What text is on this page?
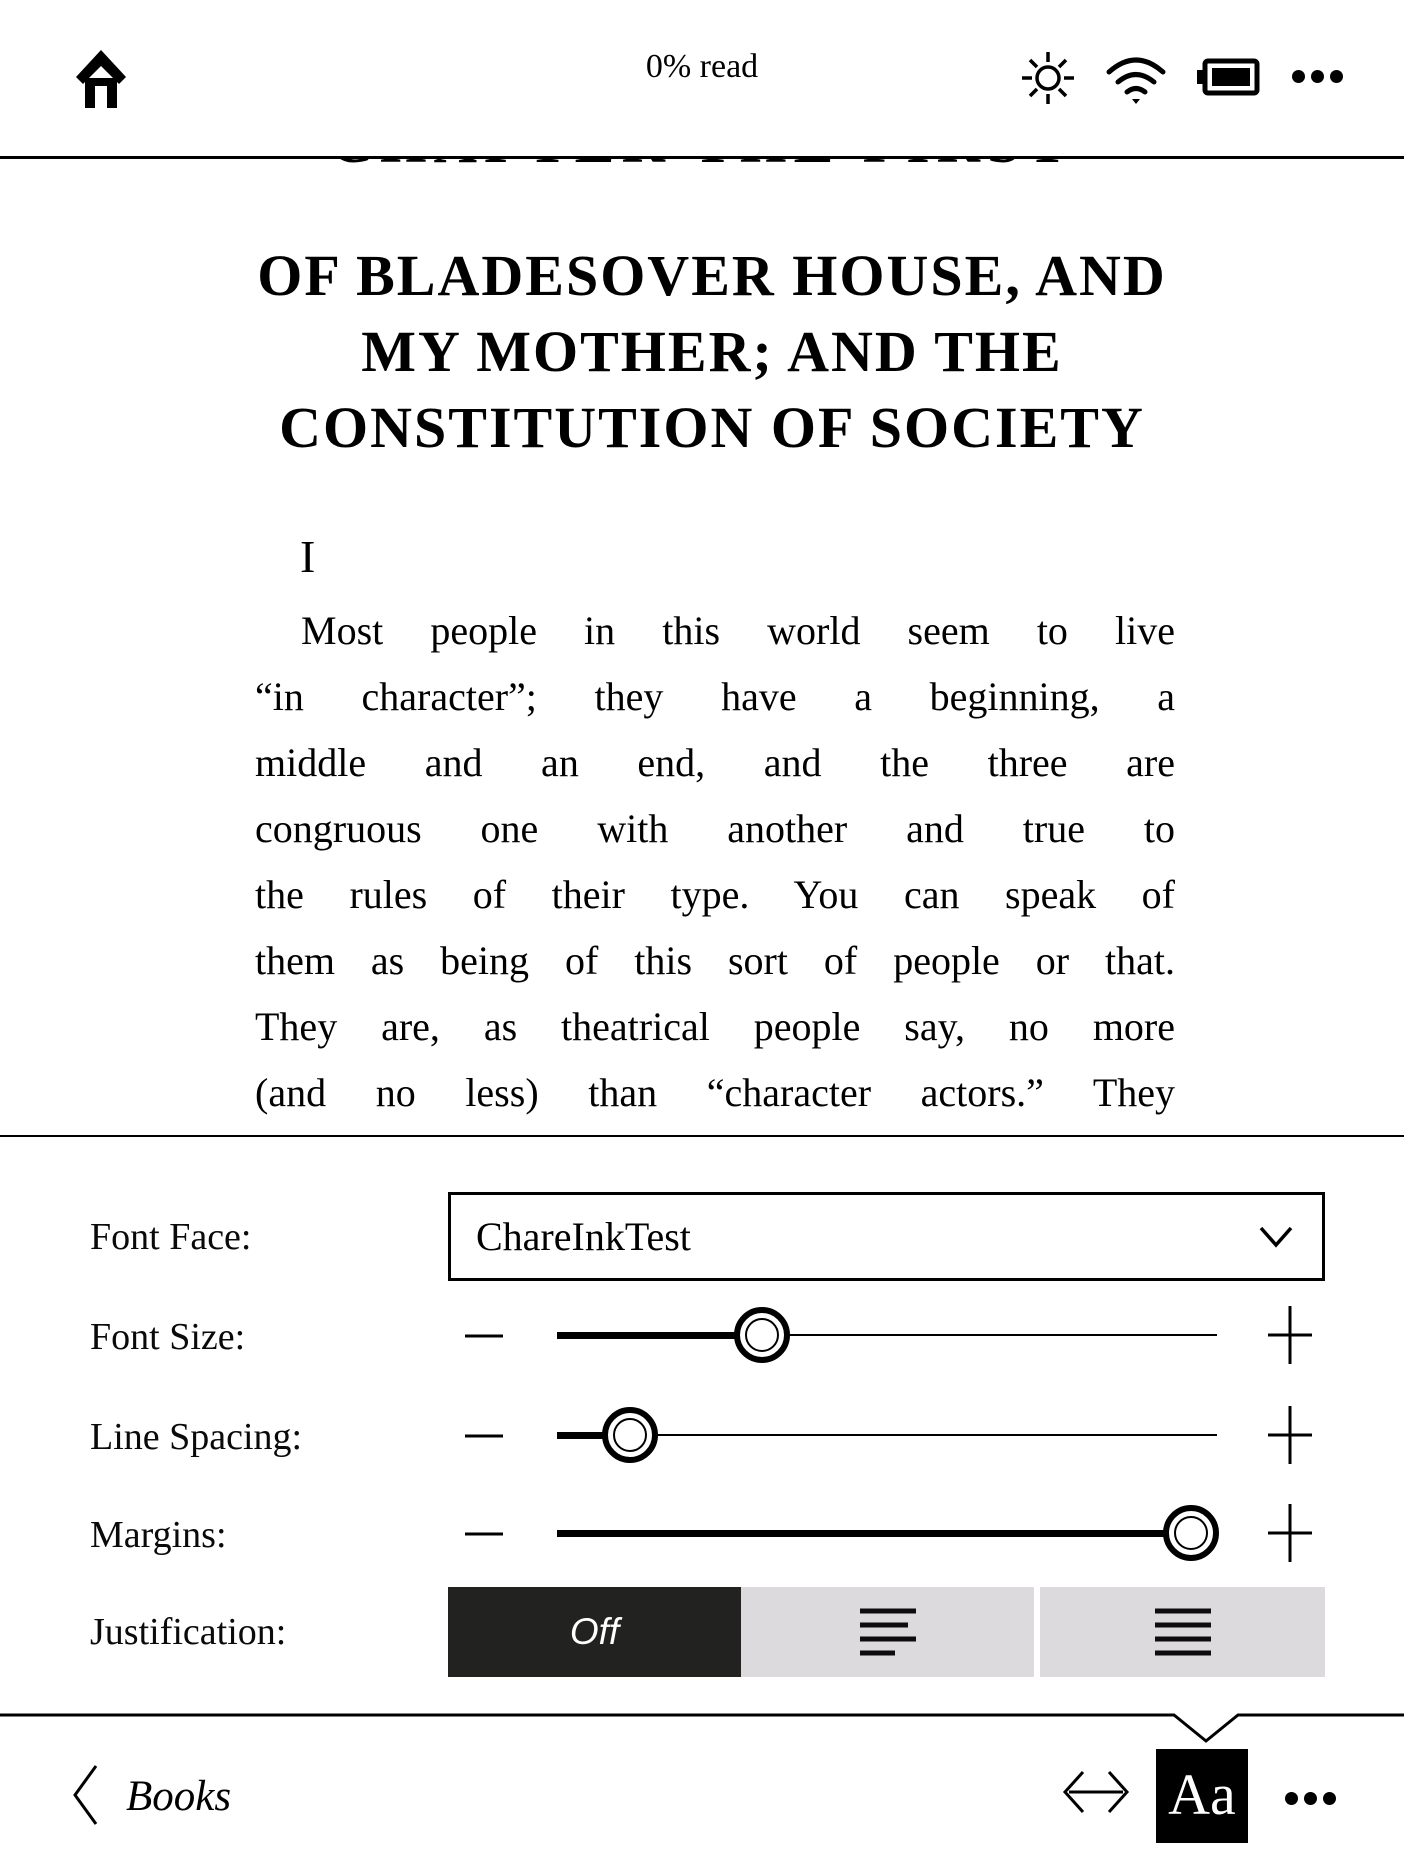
0% read
OF BLADESOVER HOUSE, AND
MY MOTHER; AND THE
CONSTITUTION OF SOCIETY
I
Most people in this world seem to live
“in character”; they have a beginning, a
middle and an end, and the three are
congruous one with another and true to
the rules of their type. You can speak of
them as being of this sort of people or that.
They are, as theatrical people say, no more
(and no less) than “character actors.” They
Font Face:	ChareInkTest
Font Size:
Line Spacing:
Margins:
Justification:	Off
Books	Aa
